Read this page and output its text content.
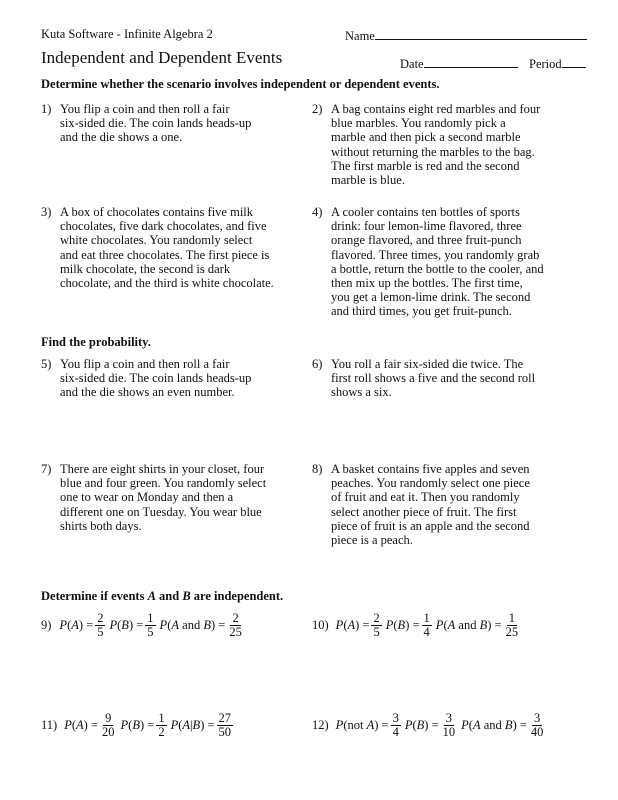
Kuta Software - Infinite Algebra 2	Name
Independent and Dependent Events	Date	Period
Determine whether the scenario involves independent or dependent events.
1) You flip a coin and then roll a fair
six-sided die. The coin lands heads-up
and the die shows a one.
2) A bag contains eight red marbles and four
blue marbles. You randomly pick a
marble and then pick a second marble
without returning the marbles to the bag.
The first marble is red and the second
marble is blue.
3) A box of chocolates contains five milk
chocolates, five dark chocolates, and five
white chocolates. You randomly select
and eat three chocolates. The first piece is
milk chocolate, the second is dark
chocolate, and the third is white chocolate.
4) A cooler contains ten bottles of sports
drink: four lemon-lime flavored, three
orange flavored, and three fruit-punch
flavored. Three times, you randomly grab
a bottle, return the bottle to the cooler, and
then mix up the bottles. The first time,
you get a lemon-lime drink. The second
and third times, you get fruit-punch.
Find the probability.
5) You flip a coin and then roll a fair
six-sided die. The coin lands heads-up
and the die shows an even number.
6) You roll a fair six-sided die twice. The
first roll shows a five and the second roll
shows a six.
7) There are eight shirts in your closet, four
blue and four green. You randomly select
one to wear on Monday and then a
different one on Tuesday. You wear blue
shirts both days.
8) A basket contains five apples and seven
peaches. You randomly select one piece
of fruit and eat it. Then you randomly
select another piece of fruit. The first
piece of fruit is an apple and the second
piece is a peach.
Determine if events A and B are independent.
9) $P(A) = \frac{2}{5} P(B) = \frac{1}{5} P(A$ and $B) = \frac{2}{25}$	10) $P(A) = \frac{2}{5} P(B) = \frac{1}{4} P(A$ and $B) = \frac{1}{25}$
11) $P(A) = \frac{9}{20} P(B) = \frac{1}{2} P(A|B) = \frac{27}{50}$	12) P(not $A) = \frac{3}{4} P(B) = \frac{3}{10} P(A$ and $B) = \frac{3}{40}$
